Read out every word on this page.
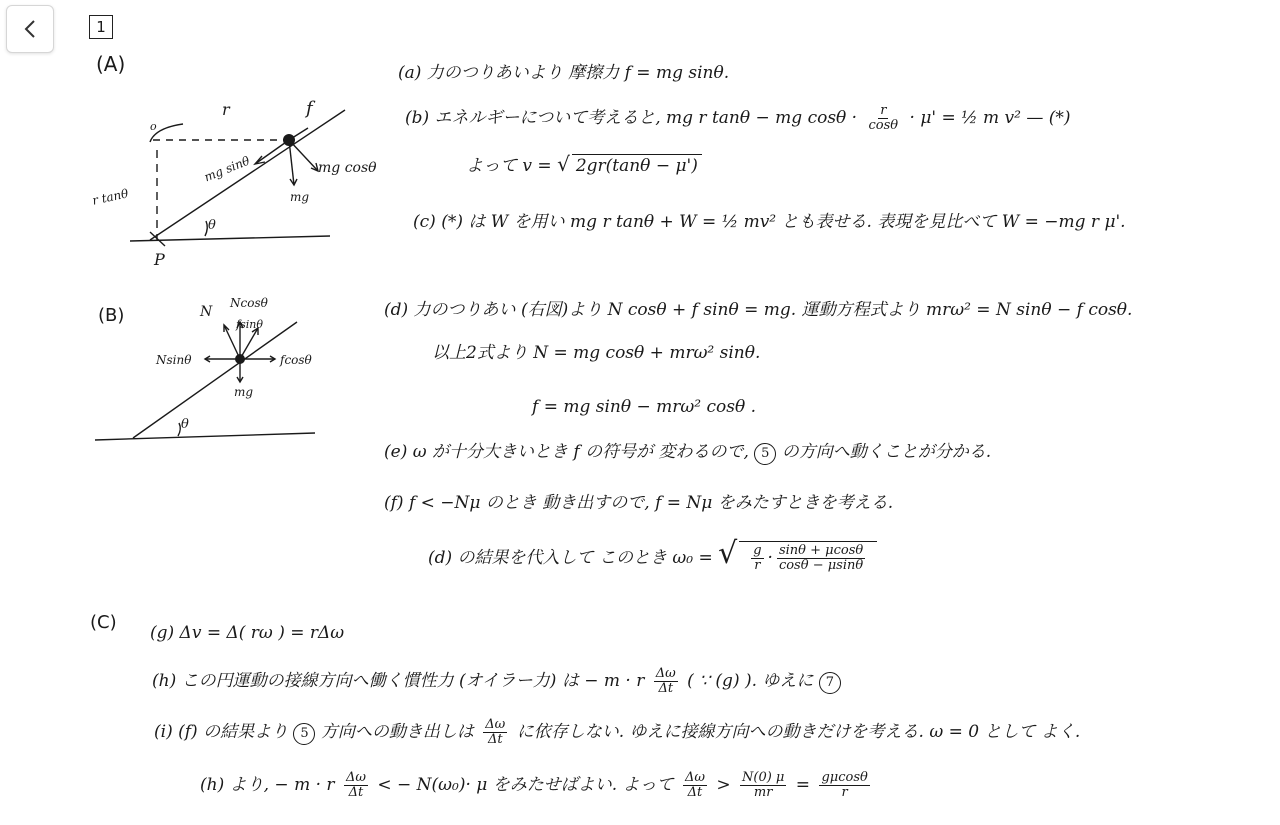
1
(A)
(B)
(C)
r	f
o
P
r tanθ
mg sinθ	mg cosθ
mg
θ
N
Ncosθ
fsinθ
Nsinθ	fcosθ
mg
θ
(a) 力のつりあいより 摩擦力 f = mg sinθ.
(b) エネルギーについて考えると, mg r tanθ − mg $\cos\theta \cdot \frac{r}{\cos\theta} \cdot \mu'$ = ½ m v² — (*)
よって v = √ 2gr(tanθ − μ')
(c) (*) は W を用い mg r tanθ + W = ½ mv² とも表せる. 表現を見比べて W = −mg r μ'.
(d) 力のつりあい (右図)より N cosθ + f sinθ = mg. 運動方程式より mrω² = N sinθ − f cosθ.
以上2式より N = mg cosθ + mrω² sinθ.
f = mg sinθ − mrω² cosθ .
(e) ω が十分大きいとき f の符号が 変わるので, 5 の方向へ動くことが分かる.
(f) f < −Nμ のとき 動き出すので, f = Nμ をみたすときを考える.
(d) の結果を代入して このとき ω₀ = √ $\frac{g}{r} \cdot \frac{\sin\theta + \mu\cos\theta}{\cos\theta - \mu\sin\theta}$
(g) Δv = Δ( rω ) = rΔω
(h) この円運動の接線方向へ働く慣性力 (オイラー力) は − m · r $\frac{\Delta\omega}{\Delta t}$ ( ∵ (g) ). ゆえに 7
(i) (f) の結果より 5 方向への動き出しは $\frac{\Delta\omega}{\Delta t}$ に依存しない. ゆえに接線方向への動きだけを考える. ω = 0 として よく.
(h) より, − m · r $\frac{\Delta\omega}{\Delta t}$ < − N(ω₀)· μ をみたせばよい. よって $\frac{\Delta\omega}{\Delta t} > \frac{N(0) \mu}{mr} = \frac{g\mu\cos\theta}{r}$
